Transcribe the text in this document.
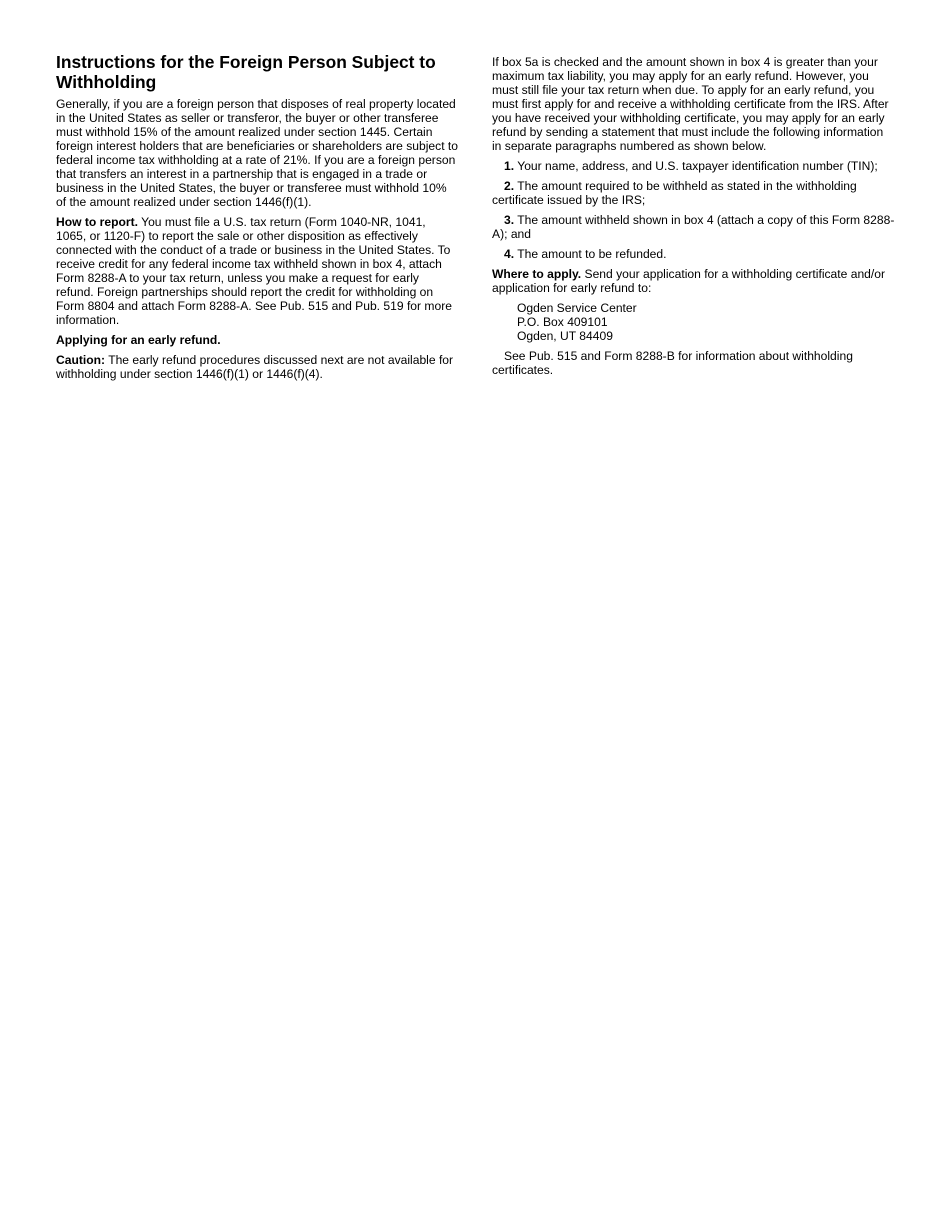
Instructions for the Foreign Person Subject to Withholding

Generally, if you are a foreign person that disposes of real property located in the United States as seller or transferor, the buyer or other transferee must withhold 15% of the amount realized under section 1445. Certain foreign interest holders that are beneficiaries or shareholders are subject to federal income tax withholding at a rate of 21%. If you are a foreign person that transfers an interest in a partnership that is engaged in a trade or business in the United States, the buyer or transferee must withhold 10% of the amount realized under section 1446(f)(1).

How to report. You must file a U.S. tax return (Form 1040-NR, 1041, 1065, or 1120-F) to report the sale or other disposition as effectively connected with the conduct of a trade or business in the United States. To receive credit for any federal income tax withheld shown in box 4, attach Form 8288-A to your tax return, unless you make a request for early refund. Foreign partnerships should report the credit for withholding on Form 8804 and attach Form 8288-A. See Pub. 515 and Pub. 519 for more information.

Applying for an early refund.

Caution: The early refund procedures discussed next are not available for withholding under section 1446(f)(1) or 1446(f)(4).

If box 5a is checked and the amount shown in box 4 is greater than your maximum tax liability, you may apply for an early refund. However, you must still file your tax return when due. To apply for an early refund, you must first apply for and receive a withholding certificate from the IRS. After you have received your withholding certificate, you may apply for an early refund by sending a statement that must include the following information in separate paragraphs numbered as shown below.

1. Your name, address, and U.S. taxpayer identification number (TIN);

2. The amount required to be withheld as stated in the withholding certificate issued by the IRS;

3. The amount withheld shown in box 4 (attach a copy of this Form 8288-A); and

4. The amount to be refunded.

Where to apply. Send your application for a withholding certificate and/or application for early refund to:

Ogden Service Center
P.O. Box 409101
Ogden, UT 84409

See Pub. 515 and Form 8288-B for information about withholding certificates.
